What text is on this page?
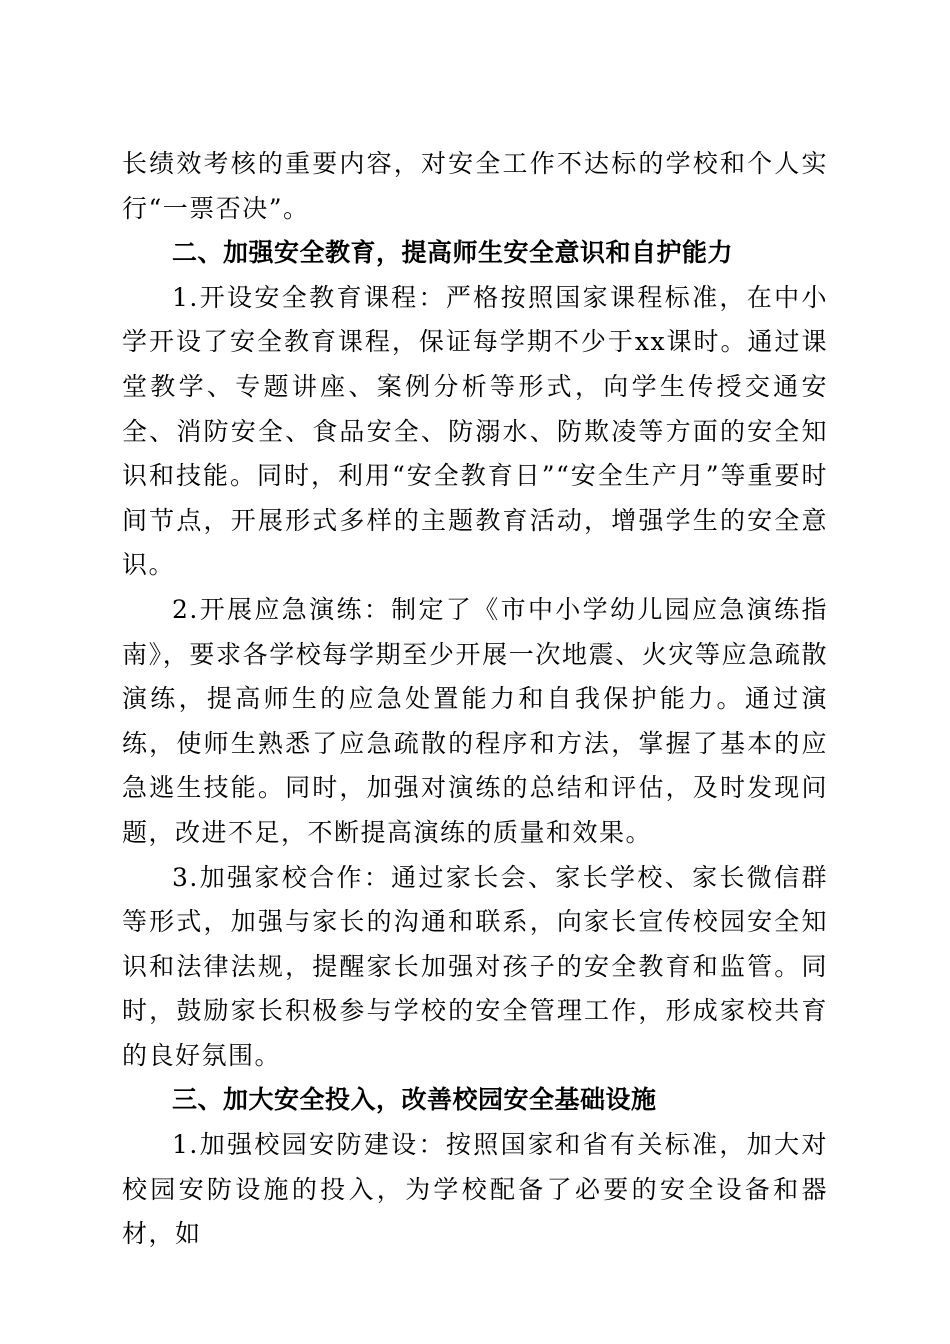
长绩效考核的重要内容，对安全工作不达标的学校和个人实行“一票否决”。

二、加强安全教育，提高师生安全意识和自护能力

1.开设安全教育课程：严格按照国家课程标准，在中小学开设了安全教育课程，保证每学期不少于xx课时。通过课堂教学、专题讲座、案例分析等形式，向学生传授交通安全、消防安全、食品安全、防溺水、防欺凌等方面的安全知识和技能。同时，利用“安全教育日”“安全生产月”等重要时间节点，开展形式多样的主题教育活动，增强学生的安全意识。

2.开展应急演练：制定了《市中小学幼儿园应急演练指南》，要求各学校每学期至少开展一次地震、火灾等应急疏散演练，提高师生的应急处置能力和自我保护能力。通过演练，使师生熟悉了应急疏散的程序和方法，掌握了基本的应急逃生技能。同时，加强对演练的总结和评估，及时发现问题，改进不足，不断提高演练的质量和效果。

3.加强家校合作：通过家长会、家长学校、家长微信群等形式，加强与家长的沟通和联系，向家长宣传校园安全知识和法律法规，提醒家长加强对孩子的安全教育和监管。同时，鼓励家长积极参与学校的安全管理工作，形成家校共育的良好氛围。

三、加大安全投入，改善校园安全基础设施

1.加强校园安防建设：按照国家和省有关标准，加大对校园安防设施的投入，为学校配备了必要的安全设备和器材，如
